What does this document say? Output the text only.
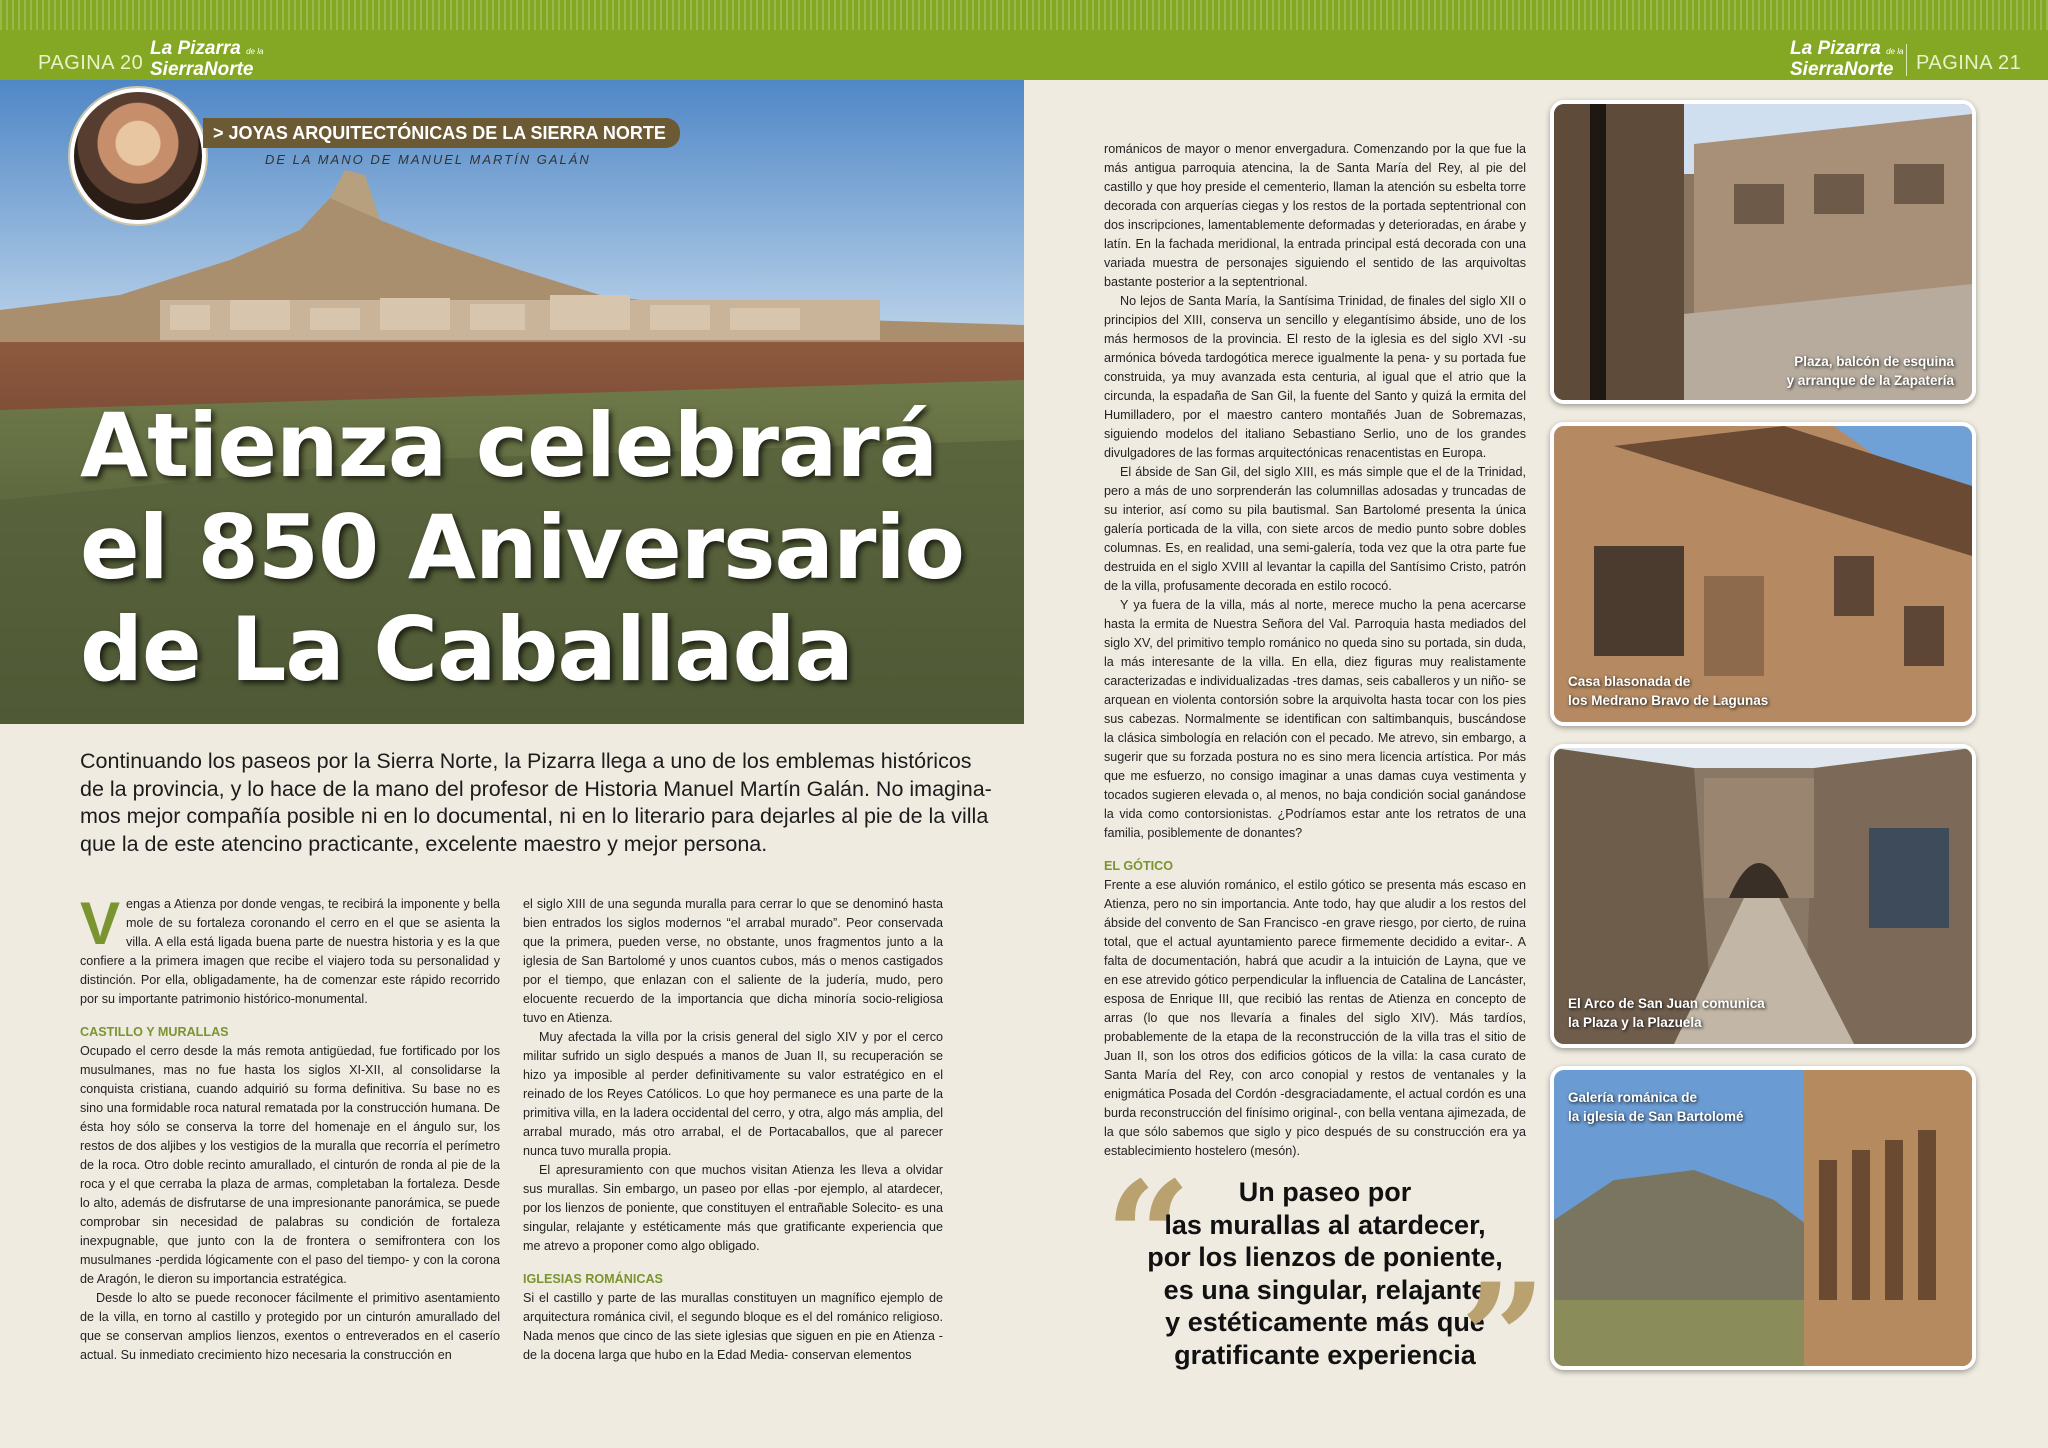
PAGINA 20
La Pizarra de la
SierraNorte
La Pizarra de la
SierraNorte	PAGINA 21
> JOYAS ARQUITECTÓNICAS DE LA SIERRA NORTE
DE LA MANO DE MANUEL MARTÍN GALÁN
Atienza celebrará
el 850 Aniversario
de La Caballada
Continuando los paseos por la Sierra Norte, la Pizarra llega a uno de los emblemas históricos
de la provincia, y lo hace de la mano del profesor de Historia Manuel Martín Galán. No imagina-
mos mejor compañía posible ni en lo documental, ni en lo literario para dejarles al pie de la villa
que la de este atencino practicante, excelente maestro y mejor persona.

Vengas a Atienza por donde vengas, te recibirá la imponente y bella mole de su fortaleza coronando el cerro en el que se asienta la villa. A ella está ligada buena parte de nuestra historia y es la que confiere a la primera imagen que recibe el viajero toda su personalidad y distinción. Por ella, obligadamente, ha de comenzar este rápido recorrido por su importante patrimonio histórico-monumental.

CASTILLO Y MURALLAS

Ocupado el cerro desde la más remota antigüedad, fue fortificado por los musulmanes, mas no fue hasta los siglos XI-XII, al consolidarse la conquista cristiana, cuando adquirió su forma definitiva. Su base no es sino una formidable roca natural rematada por la construcción humana. De ésta hoy sólo se conserva la torre del homenaje en el ángulo sur, los restos de dos aljibes y los vestigios de la muralla que recorría el perímetro de la roca. Otro doble recinto amurallado, el cinturón de ronda al pie de la roca y el que cerraba la plaza de armas, completaban la fortaleza. Desde lo alto, además de disfrutarse de una impresionante panorámica, se puede comprobar sin necesidad de palabras su condición de fortaleza inexpugnable, que junto con la de frontera o semifrontera con los musulmanes -perdida lógicamente con el paso del tiempo- y con la corona de Aragón, le dieron su importancia estratégica.

Desde lo alto se puede reconocer fácilmente el primitivo asentamiento de la villa, en torno al castillo y protegido por un cinturón amurallado del que se conservan amplios lienzos, exentos o entreverados en el caserío actual. Su inmediato crecimiento hizo necesaria la construcción en

el siglo XIII de una segunda muralla para cerrar lo que se denominó hasta bien entrados los siglos modernos “el arrabal murado”. Peor conservada que la primera, pueden verse, no obstante, unos fragmentos junto a la iglesia de San Bartolomé y unos cuantos cubos, más o menos castigados por el tiempo, que enlazan con el saliente de la judería, mudo, pero elocuente recuerdo de la importancia que dicha minoría socio-religiosa tuvo en Atienza.

Muy afectada la villa por la crisis general del siglo XIV y por el cerco militar sufrido un siglo después a manos de Juan II, su recuperación se hizo ya imposible al perder definitivamente su valor estratégico en el reinado de los Reyes Católicos. Lo que hoy permanece es una parte de la primitiva villa, en la ladera occidental del cerro, y otra, algo más amplia, del arrabal murado, más otro arrabal, el de Portacaballos, que al parecer nunca tuvo muralla propia.

El apresuramiento con que muchos visitan Atienza les lleva a olvidar sus murallas. Sin embargo, un paseo por ellas -por ejemplo, al atardecer, por los lienzos de poniente, que constituyen el entrañable Solecito- es una singular, relajante y estéticamente más que gratificante experiencia que me atrevo a proponer como algo obligado.

IGLESIAS ROMÁNICAS

Si el castillo y parte de las murallas constituyen un magnífico ejemplo de arquitectura románica civil, el segundo bloque es el del románico religioso. Nada menos que cinco de las siete iglesias que siguen en pie en Atienza -de la docena larga que hubo en la Edad Media- conservan elementos

románicos de mayor o menor envergadura. Comenzando por la que fue la más antigua parroquia atencina, la de Santa María del Rey, al pie del castillo y que hoy preside el cementerio, llaman la atención su esbelta torre decorada con arquerías ciegas y los restos de la portada septentrional con dos inscripciones, lamentablemente deformadas y deterioradas, en árabe y latín. En la fachada meridional, la entrada principal está decorada con una variada muestra de personajes siguiendo el sentido de las arquivoltas bastante posterior a la septentrional.

No lejos de Santa María, la Santísima Trinidad, de finales del siglo XII o principios del XIII, conserva un sencillo y elegantísimo ábside, uno de los más hermosos de la provincia. El resto de la iglesia es del siglo XVI -su armónica bóveda tardogótica merece igualmente la pena- y su portada fue construida, ya muy avanzada esta centuria, al igual que el atrio que la circunda, la espadaña de San Gil, la fuente del Santo y quizá la ermita del Humilladero, por el maestro cantero montañés Juan de Sobremazas, siguiendo modelos del italiano Sebastiano Serlio, uno de los grandes divulgadores de las formas arquitectónicas renacentistas en Europa.

El ábside de San Gil, del siglo XIII, es más simple que el de la Trinidad, pero a más de uno sorprenderán las columnillas adosadas y truncadas de su interior, así como su pila bautismal. San Bartolomé presenta la única galería porticada de la villa, con siete arcos de medio punto sobre dobles columnas. Es, en realidad, una semi-galería, toda vez que la otra parte fue destruida en el siglo XVIII al levantar la capilla del Santísimo Cristo, patrón de la villa, profusamente decorada en estilo rococó.

Y ya fuera de la villa, más al norte, merece mucho la pena acercarse hasta la ermita de Nuestra Señora del Val. Parroquia hasta mediados del siglo XV, del primitivo templo románico no queda sino su portada, sin duda, la más interesante de la villa. En ella, diez figuras muy realistamente caracterizadas e individualizadas -tres damas, seis caballeros y un niño- se arquean en violenta contorsión sobre la arquivolta hasta tocar con los pies sus cabezas. Normalmente se identifican con saltimbanquis, buscándose la clásica simbología en relación con el pecado. Me atrevo, sin embargo, a sugerir que su forzada postura no es sino mera licencia artística. Por más que me esfuerzo, no consigo imaginar a unas damas cuya vestimenta y tocados sugieren elevada o, al menos, no baja condición social ganándose la vida como contorsionistas. ¿Podríamos estar ante los retratos de una familia, posiblemente de donantes?

EL GÓTICO

Frente a ese aluvión románico, el estilo gótico se presenta más escaso en Atienza, pero no sin importancia. Ante todo, hay que aludir a los restos del ábside del convento de San Francisco -en grave riesgo, por cierto, de ruina total, que el actual ayuntamiento parece firmemente decidido a evitar-. A falta de documentación, habrá que acudir a la intuición de Layna, que ve en ese atrevido gótico perpendicular la influencia de Catalina de Lancáster, esposa de Enrique III, que recibió las rentas de Atienza en concepto de arras (lo que nos llevaría a finales del siglo XIV). Más tardíos, probablemente de la etapa de la reconstrucción de la villa tras el sitio de Juan II, son los otros dos edificios góticos de la villa: la casa curato de Santa María del Rey, con arco conopial y restos de ventanales y la enigmática Posada del Cordón -desgraciadamente, el actual cordón es una burda reconstrucción del finísimo original-, con bella ventana ajimezada, de la que sólo sabemos que siglo y pico después de su construcción era ya establecimiento hostelero (mesón).

“	Un paseo por
las murallas al atardecer,
por los lienzos de poniente,
es una singular, relajante
y estéticamente más que
gratificante experiencia
”
Plaza, balcón de esquina
y arranque de la Zapatería
Casa blasonada de
los Medrano Bravo de Lagunas
El Arco de San Juan comunica
la Plaza y la Plazuela
Galería románica de
la iglesia de San Bartolomé
